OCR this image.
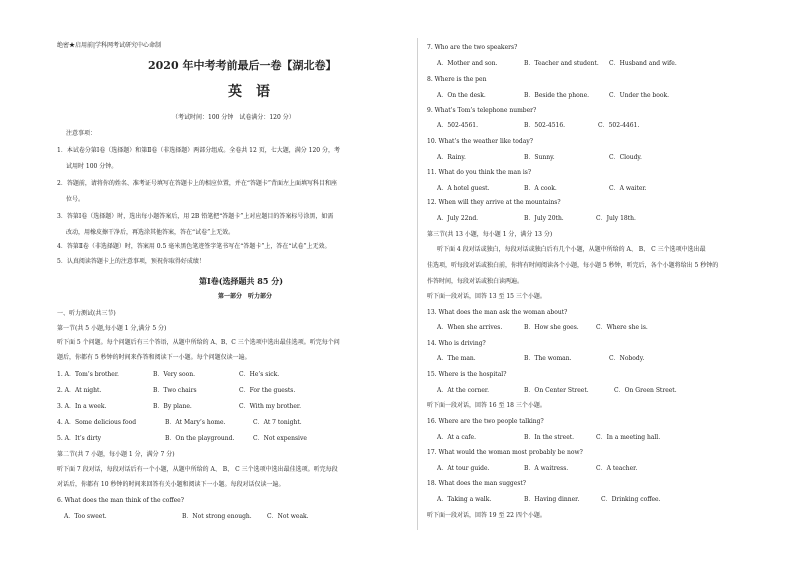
绝密★启用前|学科网考试研究中心命制
2020 年中考考前最后一卷【湖北卷】
英　语
（考试时间：100 分钟　试卷满分：120 分）
注意事项：
1．本试卷分第Ⅰ卷（选择题）和第Ⅱ卷（非选择题）两部分组成。全卷共 12 页，七大题，满分 120 分，考
试用时 100 分钟。
2．答题前，请将你的姓名、准考证号填写在答题卡上的相应位置，并在“答题卡”背面左上面填写科目和座
位号。
3．答第Ⅰ卷（选择题）时，选出每小题答案后，用 2B 铅笔把“答题卡”上对应题目的答案标号涂黑，如需
改动，用橡皮擦干净后，再选涂其他答案，答在“试卷”上无效。
4．答第Ⅱ卷（非选择题）时，答案用 0.5 毫米黑色笔迹签字笔书写在“答题卡”上，答在“试卷”上无效。
5．认真阅读答题卡上的注意事项，预祝你取得好成绩！
第Ⅰ卷(选择题共 85 分)
第一部分　听力部分
一、听力测试(共三节)
第一节(共 5 小题,每小题 1 分,满分 5 分)
听下面 5 个问题。每个问题后有三个答语，从题中所给的 A、B、C 三个选项中选出最佳选项。听完每个问
题后，你都有 5 秒钟的时间来作答和阅读下一小题。每个问题仅读一遍。
1. A．Tom’s brother.	B．Very soon.	C．He’s sick.
2. A．At night.	B．Two chairs	C．For the guests.
3. A．In a week.	B．By plane.	C．With my brother.
4. A．Some delicious food	B．At Mary’s home.	C．At 7 tonight.
5. A．It’s dirty	B．On the playground.	C．Not expensive
第二节(共 7 小题，每小题 1 分，满分 7 分)
听下面 7 段对话，每段对话后有一个小题，从题中所给的 A、 B、 C 三个选项中选出最佳选项。听完每段
对话后，你都有 10 秒钟的时间来回答有关小题和阅读下一小题。每段对话仅读一遍。
6. What does the man think of the coffee?
A．Too sweet.	B．Not strong enough.	C．Not weak.
7. Who are the two speakers?
A．Mother and son.	B．Teacher and student. C．Husband and wife.
8. Where is the pen
A．On the desk.	B．Beside the phone.	C．Under the book.
9. What’s Tom’s telephone number?
A．502-4561.	B．502-4516.	C．502-4461.
10. What’s the weather like today?
A．Rainy.	B．Sunny.	C．Cloudy.
11. What do you think the man is?
A．A hotel guest.	B．A cook.	C．A waiter.
12. When will they arrive at the mountains?
A．July 22nd.	B．July 20th.	C．July 18th.
第三节(共 13 小题，每小题 1 分，满分 13 分)
听下面 4 段对话或独白，每段对话或独白后有几个小题，从题中所给的 A、 B、 C 三个选项中选出最
佳选项，听每段对话或独白前，你将有时间阅读各个小题，每小题 5 秒钟，听完后，各个小题将给出 5 秒钟的
作答时间，每段对话或独白读两遍。
听下面一段对话，回答 13 至 15 三个小题。
13. What does the man ask the woman about?
A．When she arrives.	B．How she goes.	C．Where she is.
14. Who is driving?
A．The man.	B．The woman.	C．Nobody.
15. Where is the hospital?
A．At the corner.	B．On Center Street.	C．On Green Street.
听下面一段对话，回答 16 至 18 三个小题。
16. Where are the two people talking?
A．At a cafe.	B．In the street.	C．In a meeting hall.
17. What would the woman most probably be now?
A．At tour guide.	B．A waitress.	C．A teacher.
18. What does the man suggest?
A．Taking a walk.	B．Having dinner.	C．Drinking coffee.
听下面一段对话，回答 19 至 22 四个小题。
